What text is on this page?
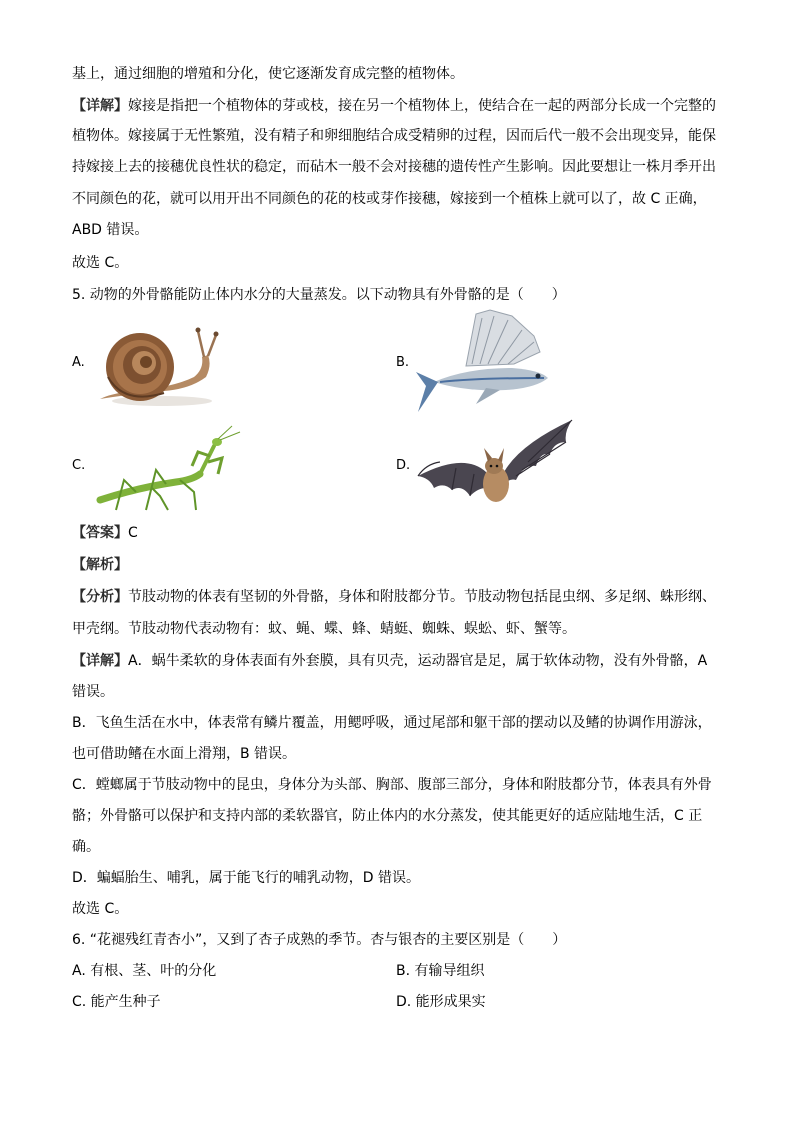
基上，通过细胞的增殖和分化，使它逐渐发育成完整的植物体。
【详解】嫁接是指把一个植物体的芽或枝，接在另一个植物体上，使结合在一起的两部分长成一个完整的
植物体。嫁接属于无性繁殖，没有精子和卵细胞结合成受精卵的过程，因而后代一般不会出现变异，能保
持嫁接上去的接穗优良性状的稳定，而砧木一般不会对接穗的遗传性产生影响。因此要想让一株月季开出
不同颜色的花，就可以用开出不同颜色的花的枝或芽作接穗，嫁接到一个植株上就可以了，故 C 正确，
ABD 错误。
故选 C。
5. 动物的外骨骼能防止体内水分的大量蒸发。以下动物具有外骨骼的是（　　）
A.	B.
C.	D.
【答案】C
【解析】
【分析】节肢动物的体表有坚韧的外骨骼，身体和附肢都分节。节肢动物包括昆虫纲、多足纲、蛛形纲、
甲壳纲。节肢动物代表动物有：蚊、蝇、蝶、蜂、蜻蜓、蜘蛛、蜈蚣、虾、蟹等。
【详解】A．蜗牛柔软的身体表面有外套膜，具有贝壳，运动器官是足，属于软体动物，没有外骨骼，A
错误。
B．飞鱼生活在水中，体表常有鳞片覆盖，用鳃呼吸，通过尾部和躯干部的摆动以及鳍的协调作用游泳，
也可借助鳍在水面上滑翔，B 错误。
C．螳螂属于节肢动物中的昆虫，身体分为头部、胸部、腹部三部分，身体和附肢都分节，体表具有外骨
骼；外骨骼可以保护和支持内部的柔软器官，防止体内的水分蒸发，使其能更好的适应陆地生活，C 正
确。
D．蝙蝠胎生、哺乳，属于能飞行的哺乳动物，D 错误。
故选 C。
6. “花褪残红青杏小”，又到了杏子成熟的季节。杏与银杏的主要区别是（　　）
A. 有根、茎、叶的分化	B. 有输导组织
C. 能产生种子	D. 能形成果实
